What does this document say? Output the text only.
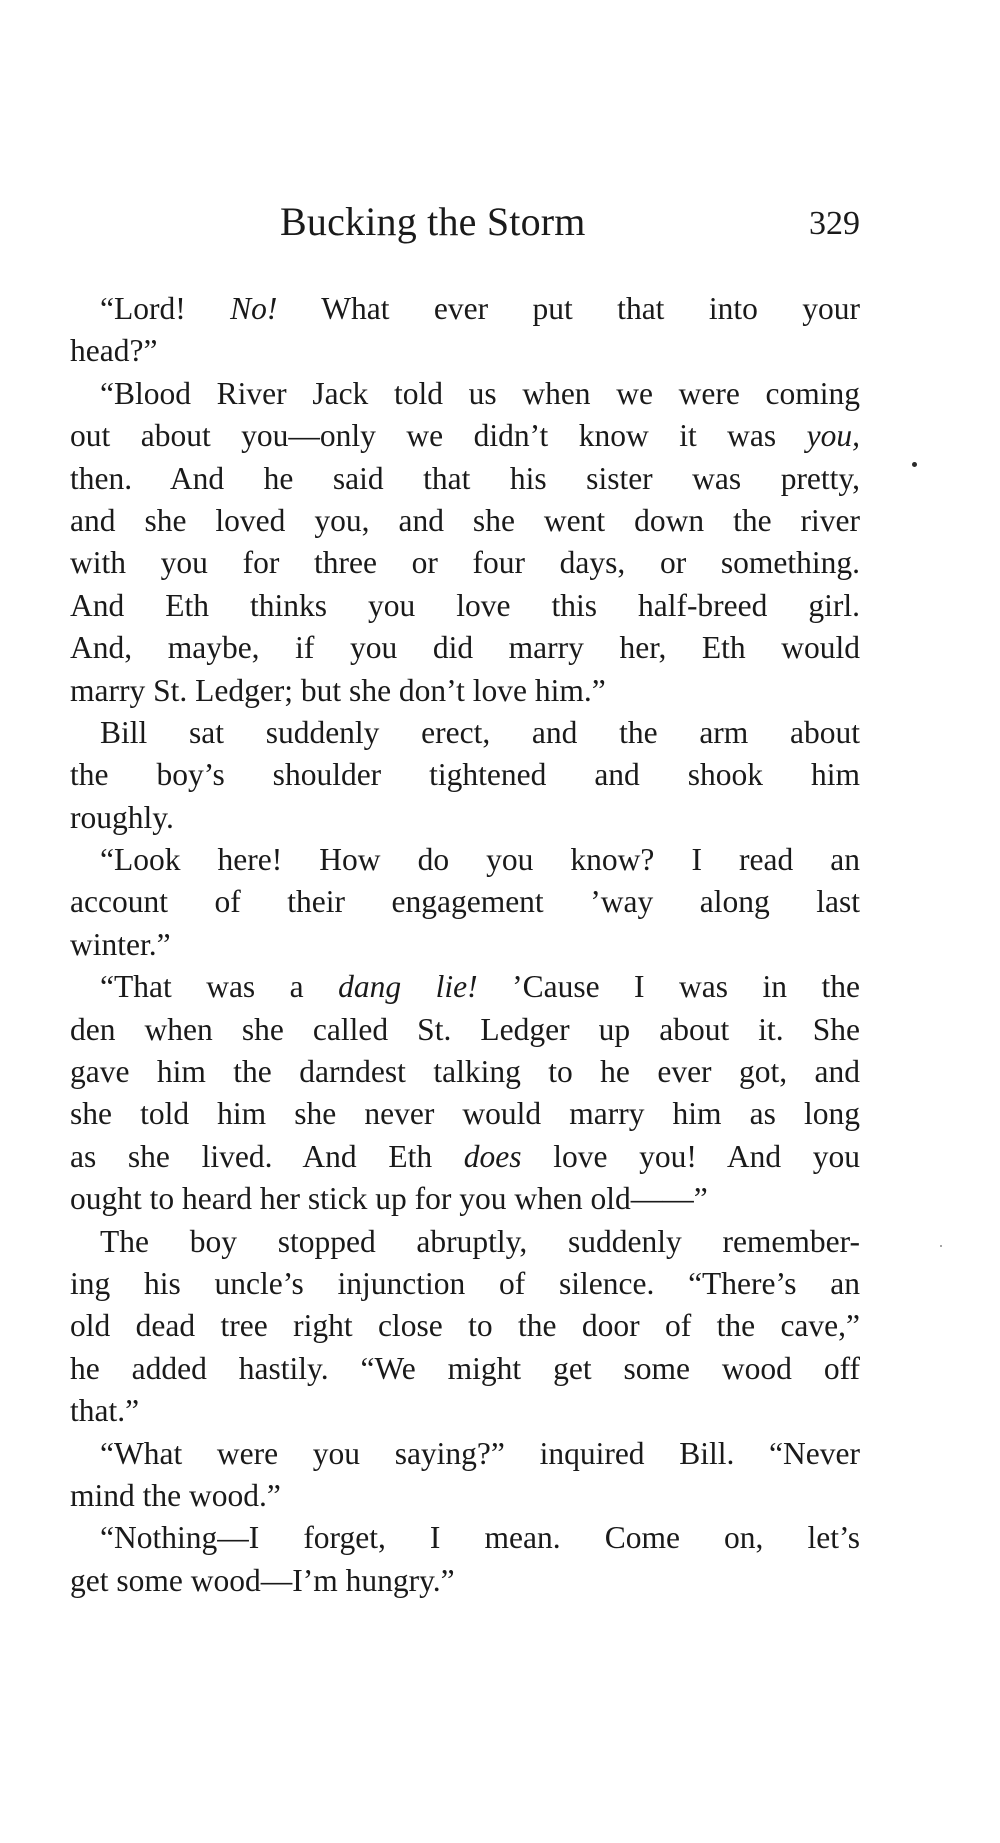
Bucking the Storm	329
“Lord! No! What ever put that into your
head?”
“Blood River Jack told us when we were coming
out about you—only we didn’t know it was you,
then. And he said that his sister was pretty,
and she loved you, and she went down the river
with you for three or four days, or something.
And Eth thinks you love this half-breed girl.
And, maybe, if you did marry her, Eth would
marry St. Ledger; but she don’t love him.”
Bill sat suddenly erect, and the arm about
the boy’s shoulder tightened and shook him
roughly.
“Look here! How do you know? I read an
account of their engagement ’way along last
winter.”
“That was a dang lie! ’Cause I was in the
den when she called St. Ledger up about it. She
gave him the darndest talking to he ever got, and
she told him she never would marry him as long
as she lived. And Eth does love you! And you
ought to heard her stick up for you when old——”
The boy stopped abruptly, suddenly remember-
ing his uncle’s injunction of silence. “There’s an
old dead tree right close to the door of the cave,”
he added hastily. “We might get some wood off
that.”
“What were you saying?” inquired Bill. “Never
mind the wood.”
“Nothing—I forget, I mean. Come on, let’s
get some wood—I’m hungry.”
